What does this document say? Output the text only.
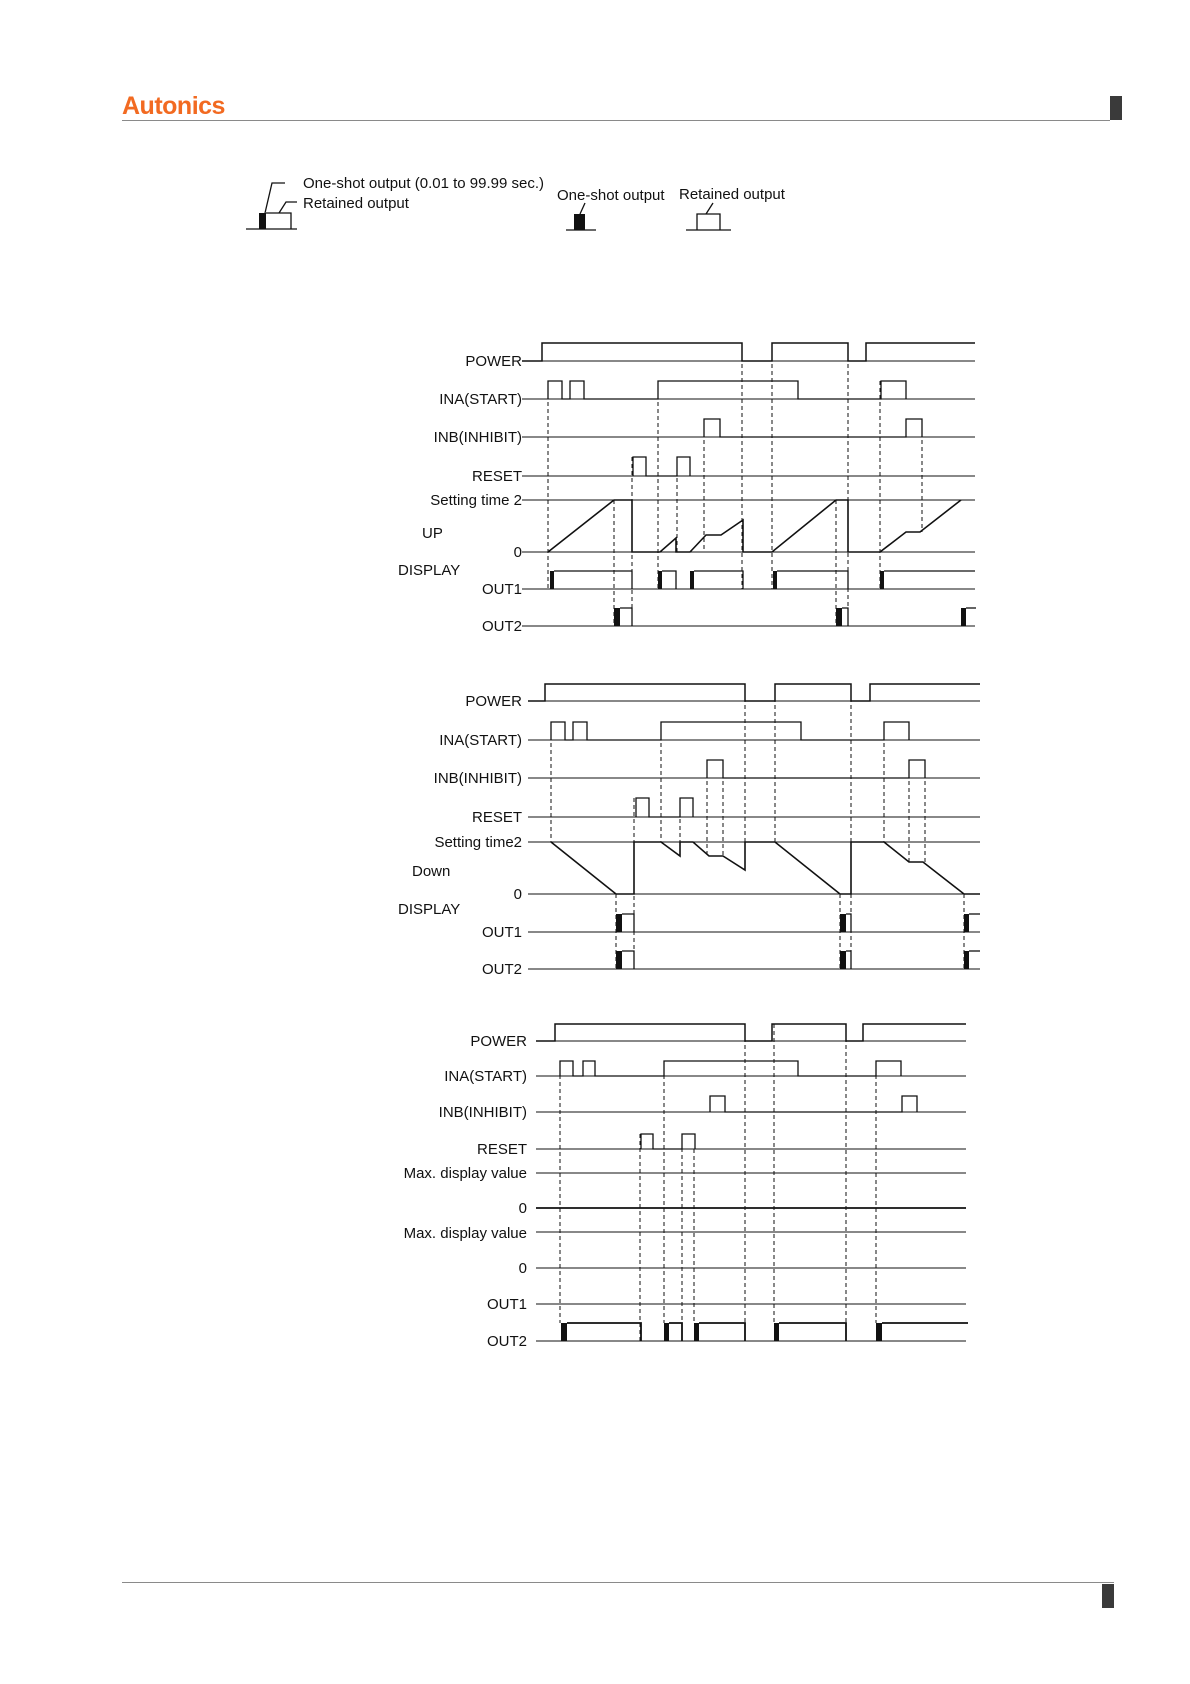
Autonics
One-shot output (0.01 to 99.99 sec.)
Retained output	One-shot output Retained output
POWER
INA(START)
INB(INHIBIT)
RESET
Setting time 2
UP
0
DISPLAY
OUT1
OUT2
POWER
INA(START)
INB(INHIBIT)
RESET
Setting time2
Down
0
DISPLAY
OUT1
OUT2
POWER
INA(START)
INB(INHIBIT)
RESET
Max. display value
0
Max. display value
0
OUT1
OUT2
